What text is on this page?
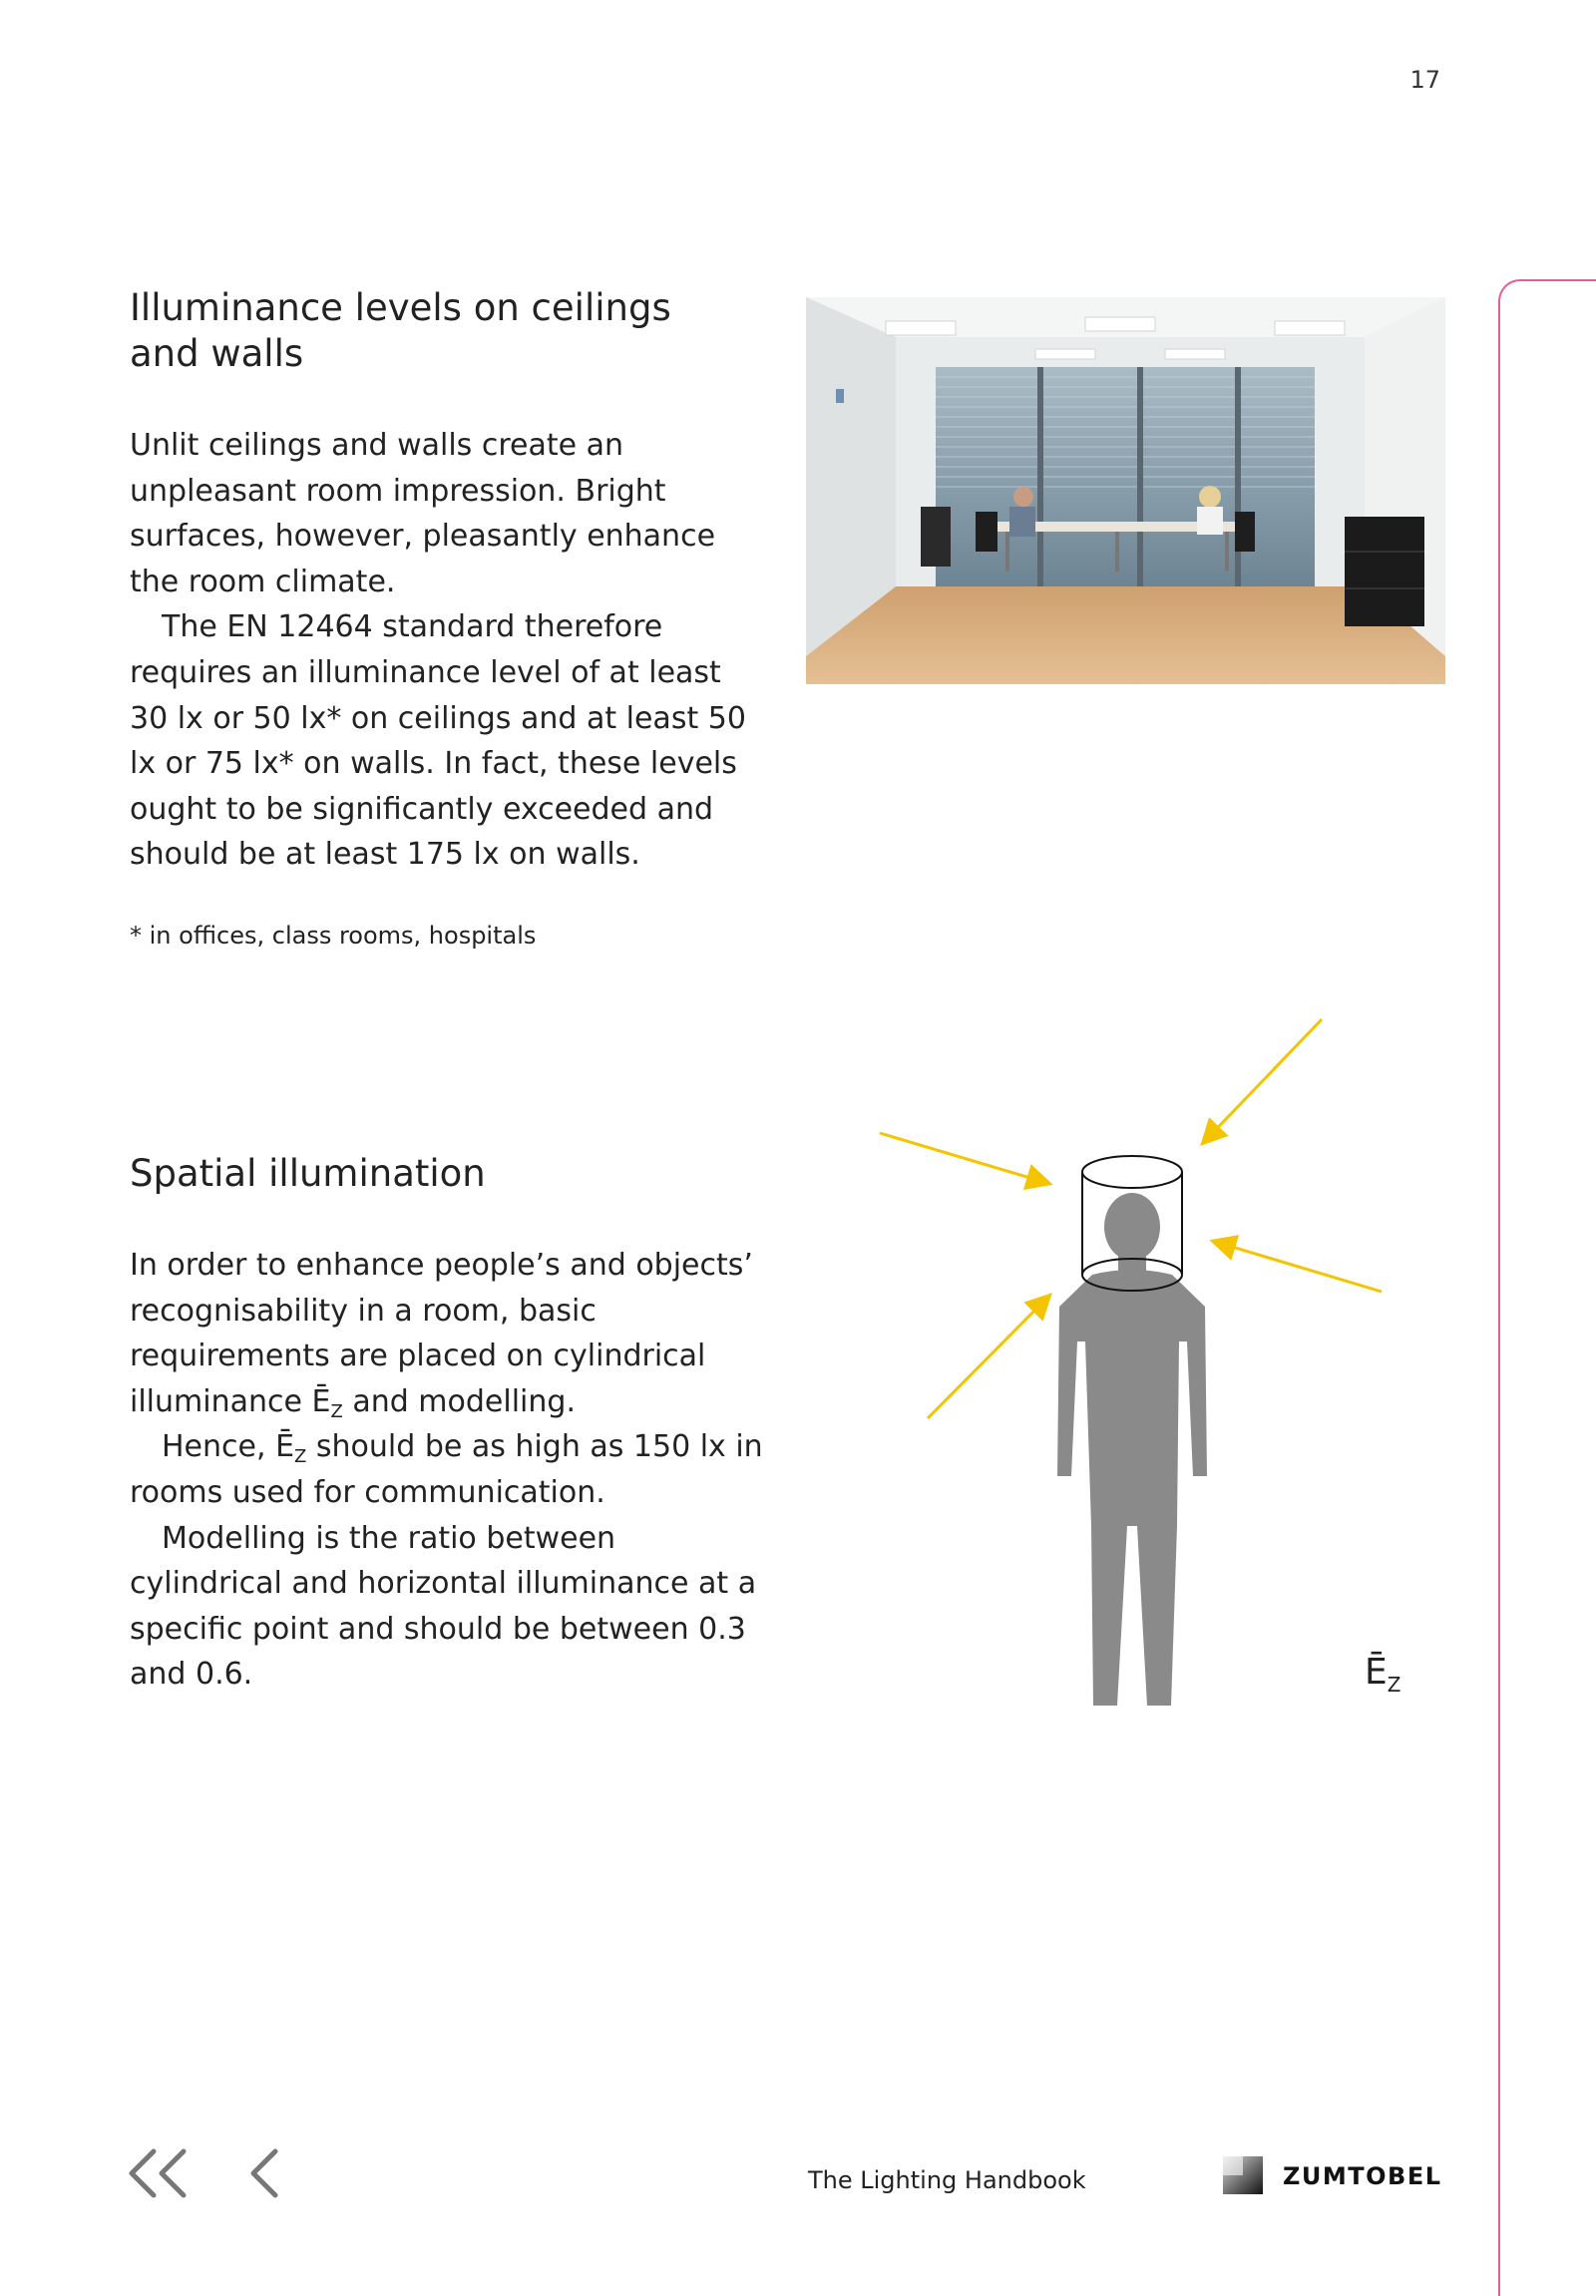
17
Illuminance levels on ceilings
and walls

Unlit ceilings and walls create an unpleasant room impression. Bright surfaces, however, pleasantly enhance the room climate.

The EN 12464 standard therefore requires an illuminance level of at least 30 lx or 50 lx* on ceilings and at least 50 lx or 75 lx* on walls. In fact, these levels ought to be significantly exceeded and should be at least 175 lx on walls.

* in offices, class rooms, hospitals
Spatial illumination

In order to enhance people’s and objects’ recognisability in a room, basic requirements are placed on cylindrical illuminance $Ē_Z$ and modelling.

Hence, $Ē_Z$ should be as high as 150 lx in rooms used for communication.

Modelling is the ratio between cylindrical and horizontal illuminance at a specific point and should be between 0.3 and 0.6.	$Ē_Z$
The Lighting Handbook	ZUMTOBEL
